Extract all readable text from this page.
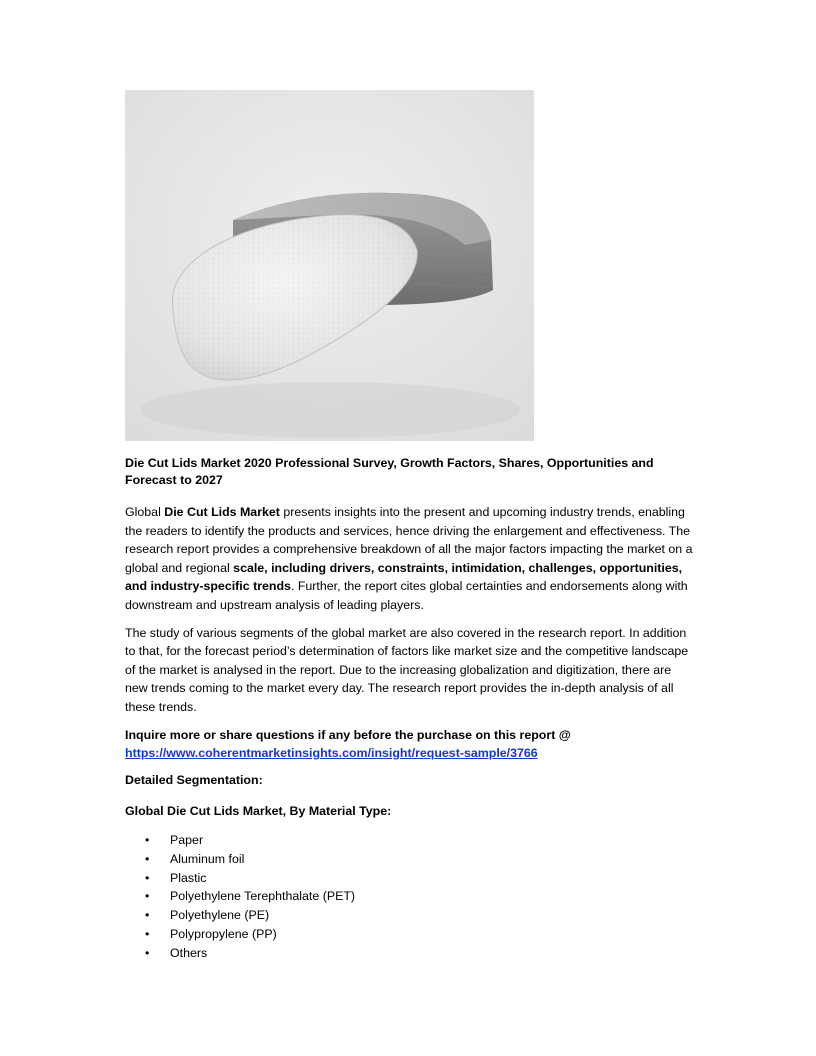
Die Cut Lids Market 2020 Professional Survey, Growth Factors, Shares, Opportunities and Forecast to 2027

Global Die Cut Lids Market presents insights into the present and upcoming industry trends, enabling the readers to identify the products and services, hence driving the enlargement and effectiveness. The research report provides a comprehensive breakdown of all the major factors impacting the market on a global and regional scale, including drivers, constraints, intimidation, challenges, opportunities, and industry-specific trends. Further, the report cites global certainties and endorsements along with downstream and upstream analysis of leading players.

The study of various segments of the global market are also covered in the research report. In addition to that, for the forecast period’s determination of factors like market size and the competitive landscape of the market is analysed in the report. Due to the increasing globalization and digitization, there are new trends coming to the market every day. The research report provides the in-depth analysis of all these trends.

Inquire more or share questions if any before the purchase on this report @
https://www.coherentmarketinsights.com/insight/request-sample/3766

Detailed Segmentation:

Global Die Cut Lids Market, By Material Type:

• Paper
• Aluminum foil
• Plastic
• Polyethylene Terephthalate (PET)
• Polyethylene (PE)
• Polypropylene (PP)
• Others
